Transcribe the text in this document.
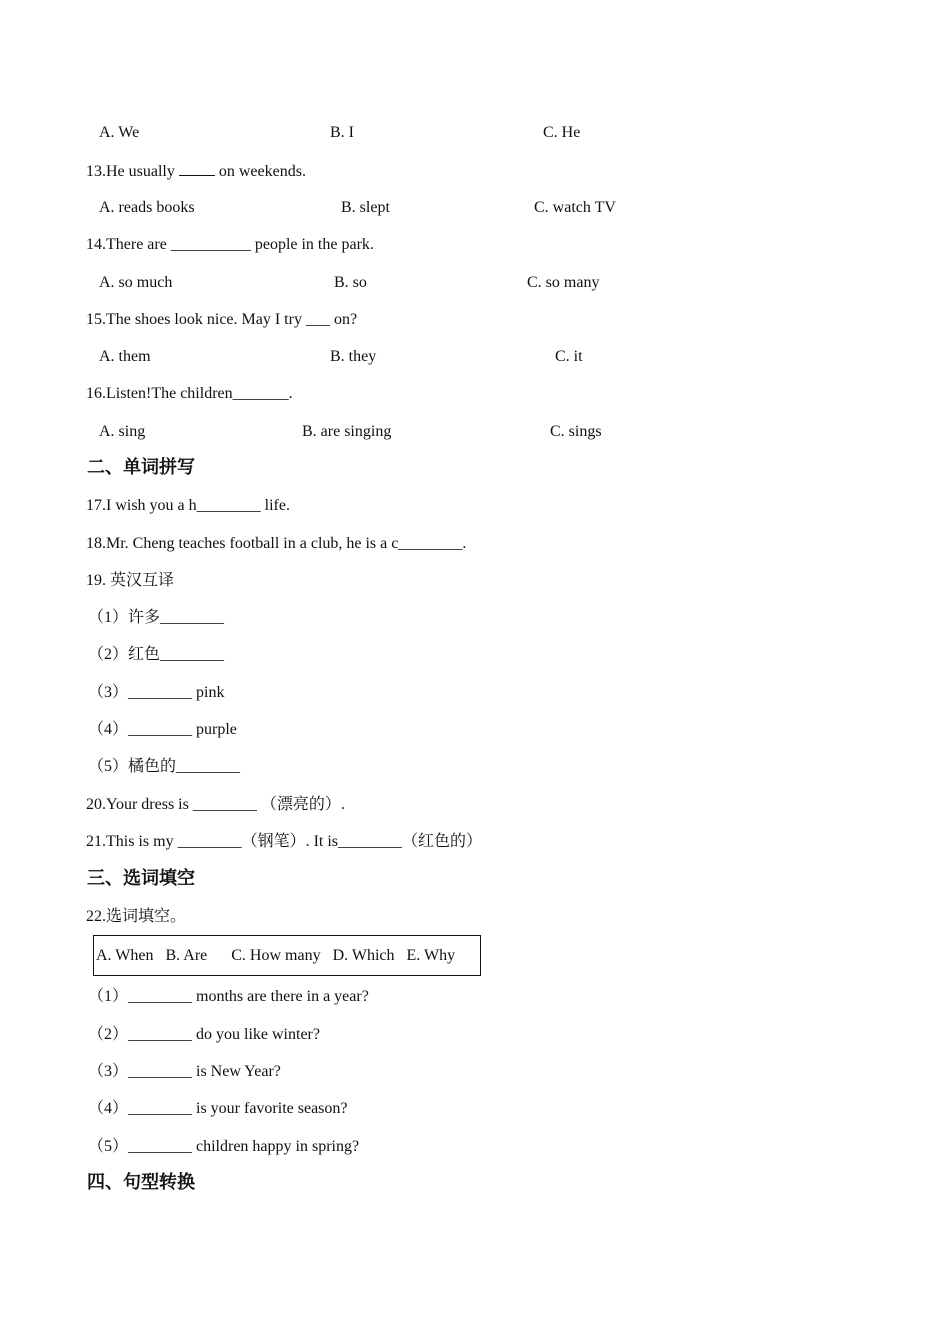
A. We	B. I	C. He
13.He usually  on weekends.
A. reads books	B. slept	C. watch TV
14.There are __________ people in the park.
A. so much	B. so	C. so many
15.The shoes look nice. May I try ___ on?
A. them	B. they	C. it
16.Listen!The children_______.
A. sing	B. are singing	C. sings
二、单词拼写
17.I wish you a h________ life.
18.Mr. Cheng teaches football in a club, he is a c________.
19. 英汉互译
（1）许多________
（2）红色________
（3）________ pink
（4）________ purple
（5）橘色的________
20.Your dress is ________ （漂亮的）.
21.This is my ________（钢笔）. It is________（红色的）
三、选词填空
22.选词填空。
A. When   B. Are      C. How many   D. Which   E. Why
（1）________ months are there in a year?
（2）________ do you like winter?
（3）________ is New Year?
（4）________ is your favorite season?
（5）________ children happy in spring?
四、句型转换
